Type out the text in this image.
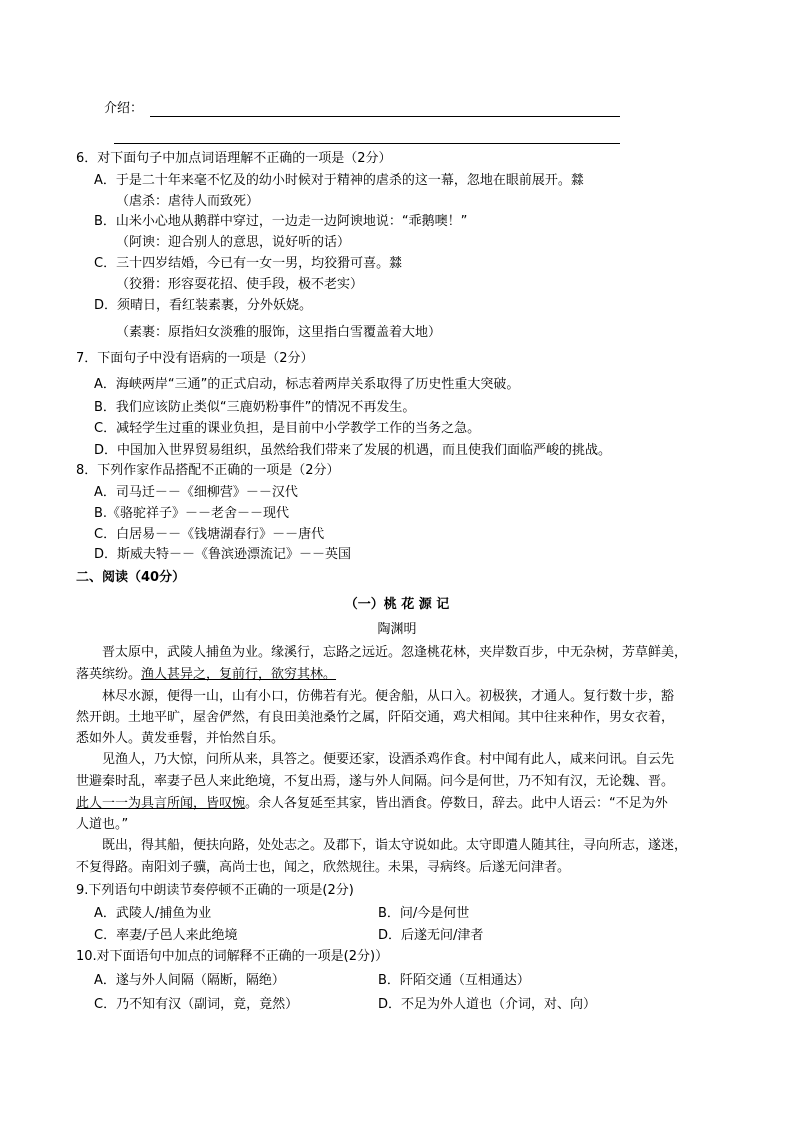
介绍：
6．对下面句子中加点词语理解不正确的一项是（2分）
A．于是二十年来毫不忆及的幼小时候对于精神的虐杀的这一幕，忽地在眼前展开。㵘
（虐杀：虐待人而致死）
B．山米小心地从鹅群中穿过，一边走一边阿谀地说：“乖鹅噢！”
（阿谀：迎合别人的意思，说好听的话）
C．三十四岁结婚，今已有一女一男，均狡猾可喜。㵘
（狡猾：形容耍花招、使手段，极不老实）
D．须晴日，看红装素裹，分外妖娆。
（素裹：原指妇女淡雅的服饰，这里指白雪覆盖着大地）
7．下面句子中没有语病的一项是（2分）
A．海峡两岸“三通”的正式启动，标志着两岸关系取得了历史性重大突破。
B．我们应该防止类似“三鹿奶粉事件”的情况不再发生。
C．减轻学生过重的课业负担，是目前中小学教学工作的当务之急。
D．中国加入世界贸易组织，虽然给我们带来了发展的机遇，而且使我们面临严峻的挑战。
8．下列作家作品搭配不正确的一项是（2分）
A．司马迁－－《细柳营》－－汉代
B.《骆驼祥子》－－老舍－－现代
C．白居易－－《钱塘湖春行》－－唐代
D．斯威夫特－－《鲁滨逊漂流记》－－英国
二、阅读（40分）
（一）桃 花 源 记
陶渊明
晋太原中，武陵人捕鱼为业。缘溪行，忘路之远近。忽逢桃花林，夹岸数百步，中无杂树，芳草鲜美，
落英缤纷。渔人甚异之，复前行，欲穷其林。
林尽水源，便得一山，山有小口，仿佛若有光。便舍船，从口入。初极狭，才通人。复行数十步，豁
然开朗。土地平旷，屋舍俨然，有良田美池桑竹之属，阡陌交通，鸡犬相闻。其中往来种作，男女衣着，
悉如外人。黄发垂髫，并怡然自乐。
见渔人，乃大惊，问所从来，具答之。便要还家，设酒杀鸡作食。村中闻有此人，咸来问讯。自云先
世避秦时乱，率妻子邑人来此绝境，不复出焉，遂与外人间隔。问今是何世，乃不知有汉，无论魏、晋。
此人一一为具言所闻，皆叹惋。余人各复延至其家，皆出酒食。停数日，辞去。此中人语云：“不足为外
人道也。”
既出，得其船，便扶向路，处处志之。及郡下，诣太守说如此。太守即遣人随其往，寻向所志，遂迷，
不复得路。南阳刘子骥，高尚士也，闻之，欣然规往。未果，寻病终。后遂无问津者。
9.下列语句中朗读节奏停顿不正确的一项是(2分)
A．武陵人/捕鱼为业	B．问/今是何世
C．率妻/子邑人来此绝境	D．后遂无问/津者
10.对下面语句中加点的词解释不正确的一项是(2分)）
A．遂与外人间隔（隔断，隔绝）	B．阡陌交通（互相通达）
C．乃不知有汉（副词，竟，竟然）	D．不足为外人道也（介词，对、向）
